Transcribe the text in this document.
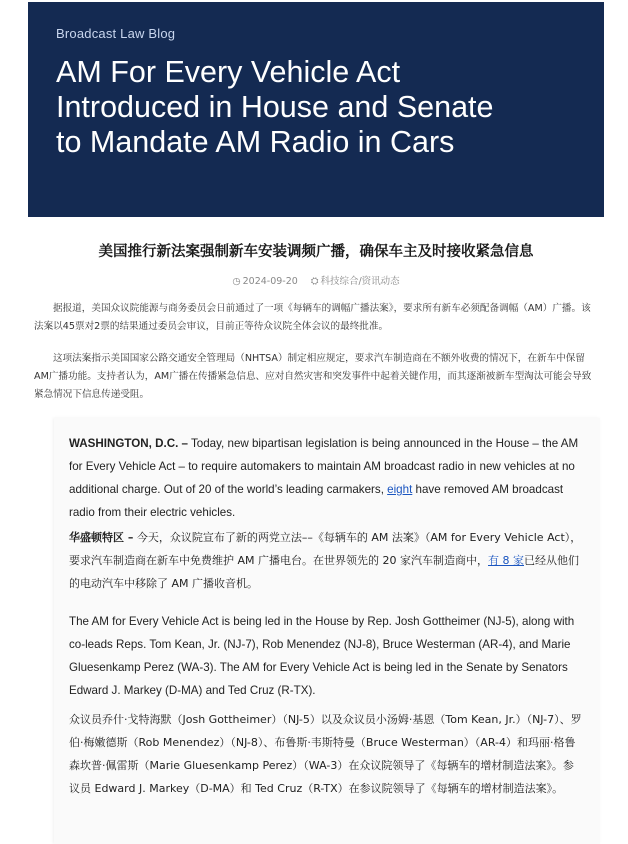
Broadcast Law Blog
AM For Every Vehicle Act
Introduced in House and Senate
to Mandate AM Radio in Cars
美国推行新法案强制新车安装调频广播，确保车主及时接收紧急信息
◷ 2024-09-20 ⛭ 科技综合/资讯动态
据报道，美国众议院能源与商务委员会日前通过了一项《每辆车的调幅广播法案》，要求所有新车必须配备调幅（AM）广播。该法案以45票对2票的结果通过委员会审议，目前正等待众议院全体会议的最终批准。
这项法案指示美国国家公路交通安全管理局（NHTSA）制定相应规定，要求汽车制造商在不额外收费的情况下，在新车中保留AM广播功能。支持者认为，AM广播在传播紧急信息、应对自然灾害和突发事件中起着关键作用，而其逐渐被新车型淘汰可能会导致紧急情况下信息传递受阻。
WASHINGTON, D.C. – Today, new bipartisan legislation is being announced in the House – the AM for Every Vehicle Act – to require automakers to maintain AM broadcast radio in new vehicles at no additional charge. Out of 20 of the world’s leading carmakers, eight have removed AM broadcast radio from their electric vehicles.
华盛顿特区 – 今天，众议院宣布了新的两党立法––《每辆车的 AM 法案》（AM for Every Vehicle Act），要求汽车制造商在新车中免费维护 AM 广播电台。在世界领先的 20 家汽车制造商中，有 8 家已经从他们的电动汽车中移除了 AM 广播收音机。
The AM for Every Vehicle Act is being led in the House by Rep. Josh Gottheimer (NJ-5), along with co-leads Reps. Tom Kean, Jr. (NJ-7), Rob Menendez (NJ-8), Bruce Westerman (AR-4), and Marie Gluesenkamp Perez (WA-3). The AM for Every Vehicle Act is being led in the Senate by Senators Edward J. Markey (D-MA) and Ted Cruz (R-TX).
众议员乔什·戈特海默（Josh Gottheimer）（NJ-5）以及众议员小汤姆·基恩（Tom Kean, Jr.）（NJ-7）、罗伯·梅嫩德斯（Rob Menendez）（NJ-8）、布鲁斯·韦斯特曼（Bruce Westerman）（AR-4）和玛丽·格鲁森坎普·佩雷斯（Marie Gluesenkamp Perez）（WA-3）在众议院领导了《每辆车的增材制造法案》。参议员 Edward J. Markey（D-MA）和 Ted Cruz（R-TX）在参议院领导了《每辆车的增材制造法案》。
